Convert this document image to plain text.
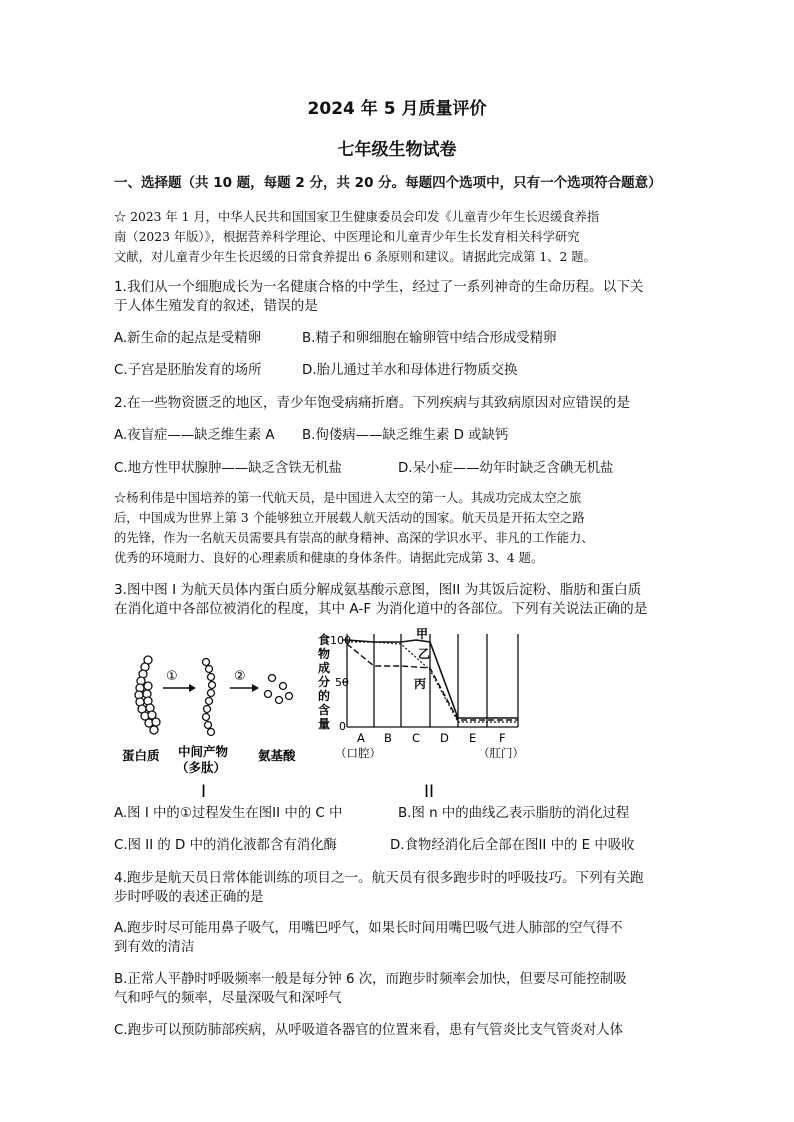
2024 年 5 月质量评价
七年级生物试卷
一、选择题（共 10 题，每题 2 分，共 20 分。每题四个选项中，只有一个选项符合题意）
☆ 2023 年 1 月，中华人民共和国国家卫生健康委员会印发《儿童青少年生长迟缓食养指
南（2023 年版）》，根据营养科学理论、中医理论和儿童青少年生长发育相关科学研究
文献，对儿童青少年生长迟缓的日常食养提出 6 条原则和建议。请据此完成第 1、2 题。
1.我们从一个细胞成长为一名健康合格的中学生，经过了一系列神奇的生命历程。以下关
于人体生殖发育的叙述，错误的是
A.新生命的起点是受精卵	B.精子和卵细胞在输卵管中结合形成受精卵
C.子宫是胚胎发育的场所	D.胎儿通过羊水和母体进行物质交换
2.在一些物资匮乏的地区，青少年饱受病痛折磨。下列疾病与其致病原因对应错误的是
A.夜盲症——缺乏维生素 A B.佝偻病——缺乏维生素 D 或缺钙
C.地方性甲状腺肿——缺乏含铁无机盐	D.呆小症——幼年时缺乏含碘无机盐
☆杨利伟是中国培养的第一代航天员，是中国进入太空的第一人。其成功完成太空之旅
后，中国成为世界上第 3 个能够独立开展载人航天活动的国家。航天员是开拓太空之路
的先锋，作为一名航天员需要具有崇高的献身精神、高深的学识水平、非凡的工作能力、
优秀的环境耐力、良好的心理素质和健康的身体条件。请据此完成第 3、4 题。
3.图中图 I 为航天员体内蛋白质分解成氨基酸示意图，图II 为其饭后淀粉、脂肪和蛋白质
在消化道中各部位被消化的程度，其中 A-F 为消化道中的各部位。下列有关说法正确的是
①	②
蛋白质 中间产物
（多肽）
氨基酸
I
食
物
成
分
的
含
量
100
50
0
甲
乙
丙
A B C D E F
（口腔）	（肛门）
II
A.图 I 中的①过程发生在图II 中的 C 中	B.图 n 中的曲线乙表示脂肪的消化过程
C.图 II 的 D 中的消化液都含有消化酶	D.食物经消化后全部在图II 中的 E 中吸收
4.跑步是航天员日常体能训练的项目之一。航天员有很多跑步时的呼吸技巧。下列有关跑
步时呼吸的表述正确的是
A.跑步时尽可能用鼻子吸气，用嘴巴呼气，如果长时间用嘴巴吸气进人肺部的空气得不
到有效的清洁
B.正常人平静时呼吸频率一般是每分钟 6 次，而跑步时频率会加快，但要尽可能控制吸
气和呼气的频率，尽量深吸气和深呼气
C.跑步可以预防肺部疾病，从呼吸道各器官的位置来看，患有气管炎比支气管炎对人体
